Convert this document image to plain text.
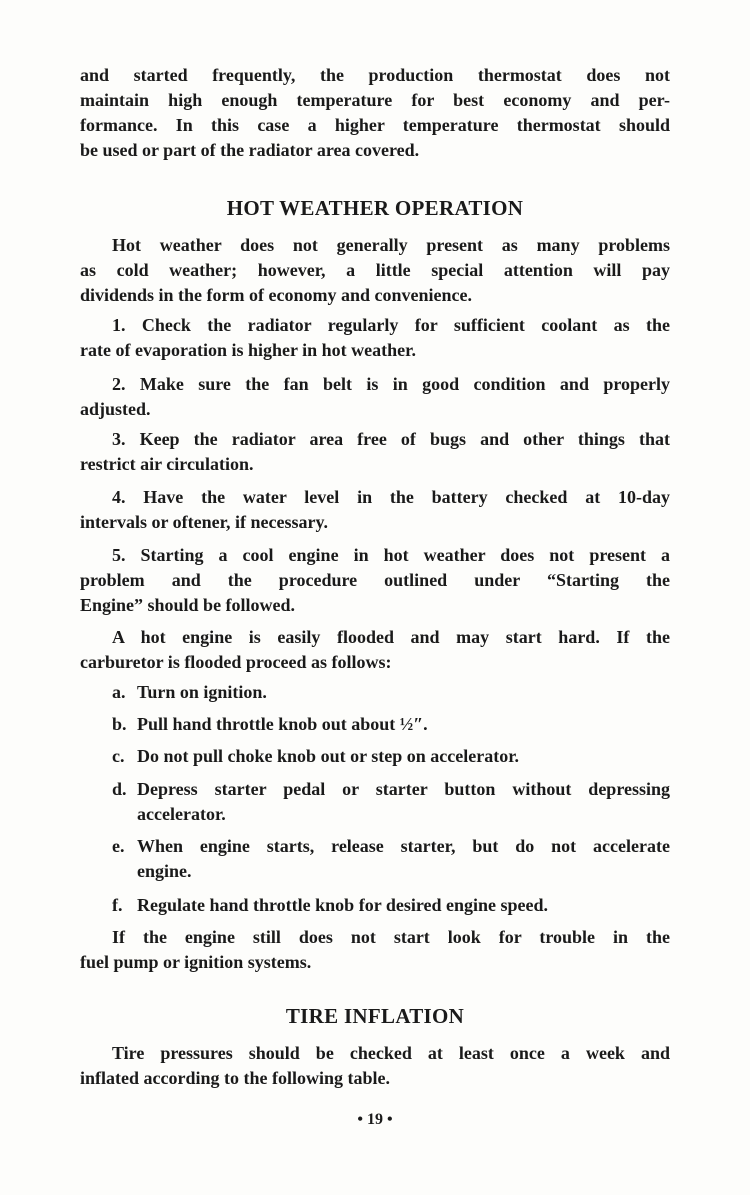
and started frequently, the production thermostat does not
maintain high enough temperature for best economy and per-
formance. In this case a higher temperature thermostat should
be used or part of the radiator area covered.
HOT WEATHER OPERATION
Hot weather does not generally present as many problems
as cold weather; however, a little special attention will pay
dividends in the form of economy and convenience.
1. Check the radiator regularly for sufficient coolant as the
rate of evaporation is higher in hot weather.
2. Make sure the fan belt is in good condition and properly
adjusted.
3. Keep the radiator area free of bugs and other things that
restrict air circulation.
4. Have the water level in the battery checked at 10-day
intervals or oftener, if necessary.
5. Starting a cool engine in hot weather does not present a
problem and the procedure outlined under “Starting the
Engine” should be followed.
A hot engine is easily flooded and may start hard. If the
carburetor is flooded proceed as follows:
a. Turn on ignition.
b. Pull hand throttle knob out about ½″.
c. Do not pull choke knob out or step on accelerator.
d. Depress starter pedal or starter button without depressing
accelerator.
e. When engine starts, release starter, but do not accelerate
engine.
f. Regulate hand throttle knob for desired engine speed.
If the engine still does not start look for trouble in the
fuel pump or ignition systems.
TIRE INFLATION
Tire pressures should be checked at least once a week and
inflated according to the following table.
• 19 •
